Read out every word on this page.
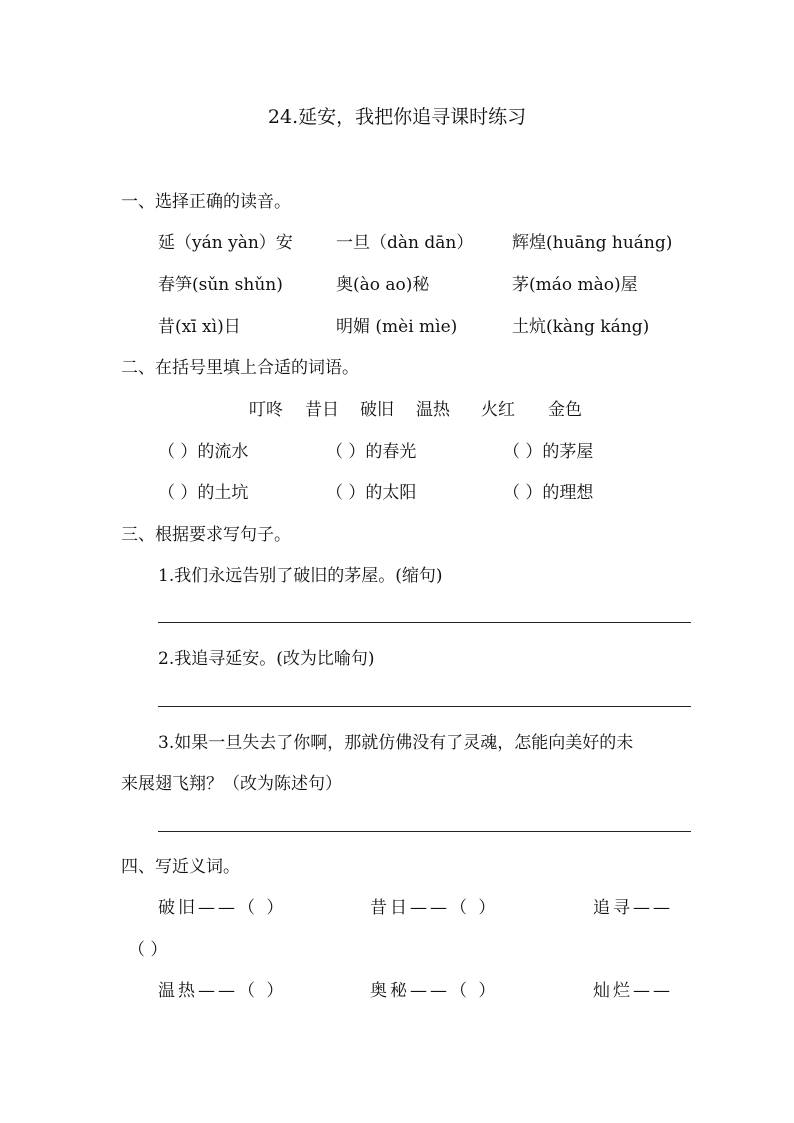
24.延安，我把你追寻课时练习
一、选择正确的读音。
延（yán yàn）安	一旦（dàn dān） 辉煌(huāng huáng)
春笋(sǔn shǔn)	奥(ào ao)秘	茅(máo mào)屋
昔(xī xì)日	明媚 (mèi mìe)	土炕(kàng káng)
二、在括号里填上合适的词语。
叮咚 昔日 破旧 温热 火红 金色
（ ）的流水	（ ）的春光	（ ）的茅屋
（ ）的土坑	（ ）的太阳	（ ）的理想
三、根据要求写句子。
1.我们永远告别了破旧的茅屋。(缩句)
2.我追寻延安。(改为比喻句)
3.如果一旦失去了你啊，那就仿佛没有了灵魂，怎能向美好的未
来展翅飞翔？（改为陈述句）
四、写近义词。
破旧——（ ）	昔日——（ ）	追寻——
（ ）
温热——（ ）	奥秘——（ ）	灿烂——
